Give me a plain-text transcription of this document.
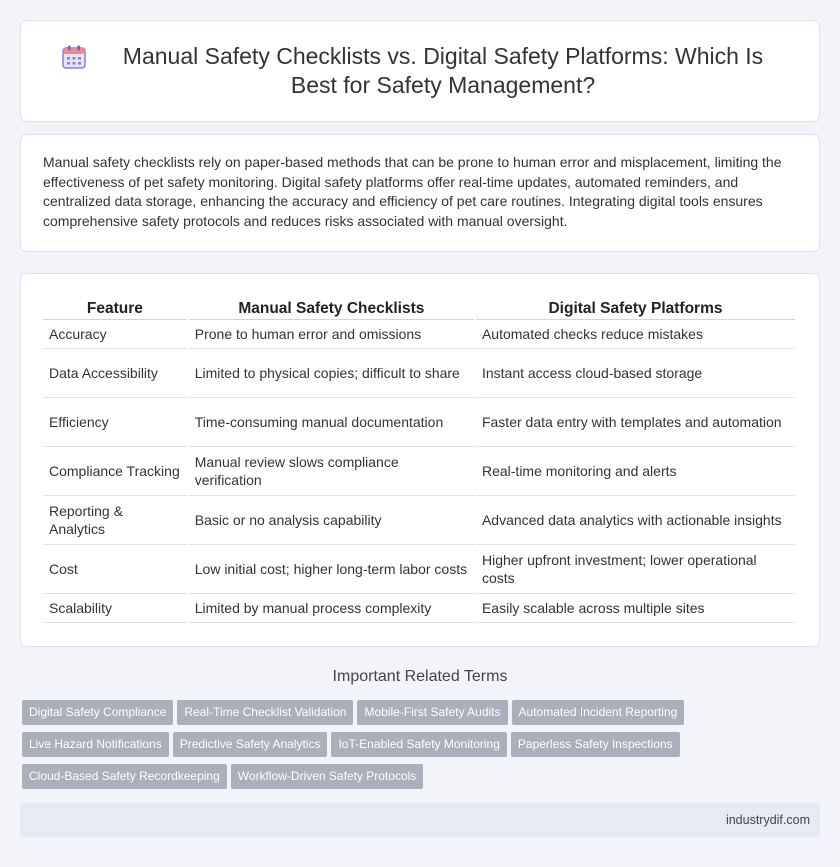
Manual Safety Checklists vs. Digital Safety Platforms: Which Is Best for Safety Management?

Manual safety checklists rely on paper-based methods that can be prone to human error and misplacement, limiting the effectiveness of pet safety monitoring. Digital safety platforms offer real-time updates, automated reminders, and centralized data storage, enhancing the accuracy and efficiency of pet care routines. Integrating digital tools ensures comprehensive safety protocols and reduces risks associated with manual oversight.

Feature	Manual Safety Checklists	Digital Safety Platforms
Accuracy	Prone to human error and omissions	Automated checks reduce mistakes
Data Accessibility	Limited to physical copies; difficult to share	Instant access cloud-based storage
Efficiency	Time-consuming manual documentation	Faster data entry with templates and automation
Compliance Tracking	Manual review slows compliance verification	Real-time monitoring and alerts
Reporting & Analytics	Basic or no analysis capability	Advanced data analytics with actionable insights
Cost	Low initial cost; higher long-term labor costs	Higher upfront investment; lower operational costs
Scalability	Limited by manual process complexity	Easily scalable across multiple sites
Important Related Terms
Digital Safety Compliance Real-Time Checklist Validation Mobile-First Safety Audits Automated Incident Reporting
Live Hazard Notifications Predictive Safety Analytics IoT-Enabled Safety Monitoring Paperless Safety Inspections
Cloud-Based Safety Recordkeeping Workflow-Driven Safety Protocols
industrydif.com
